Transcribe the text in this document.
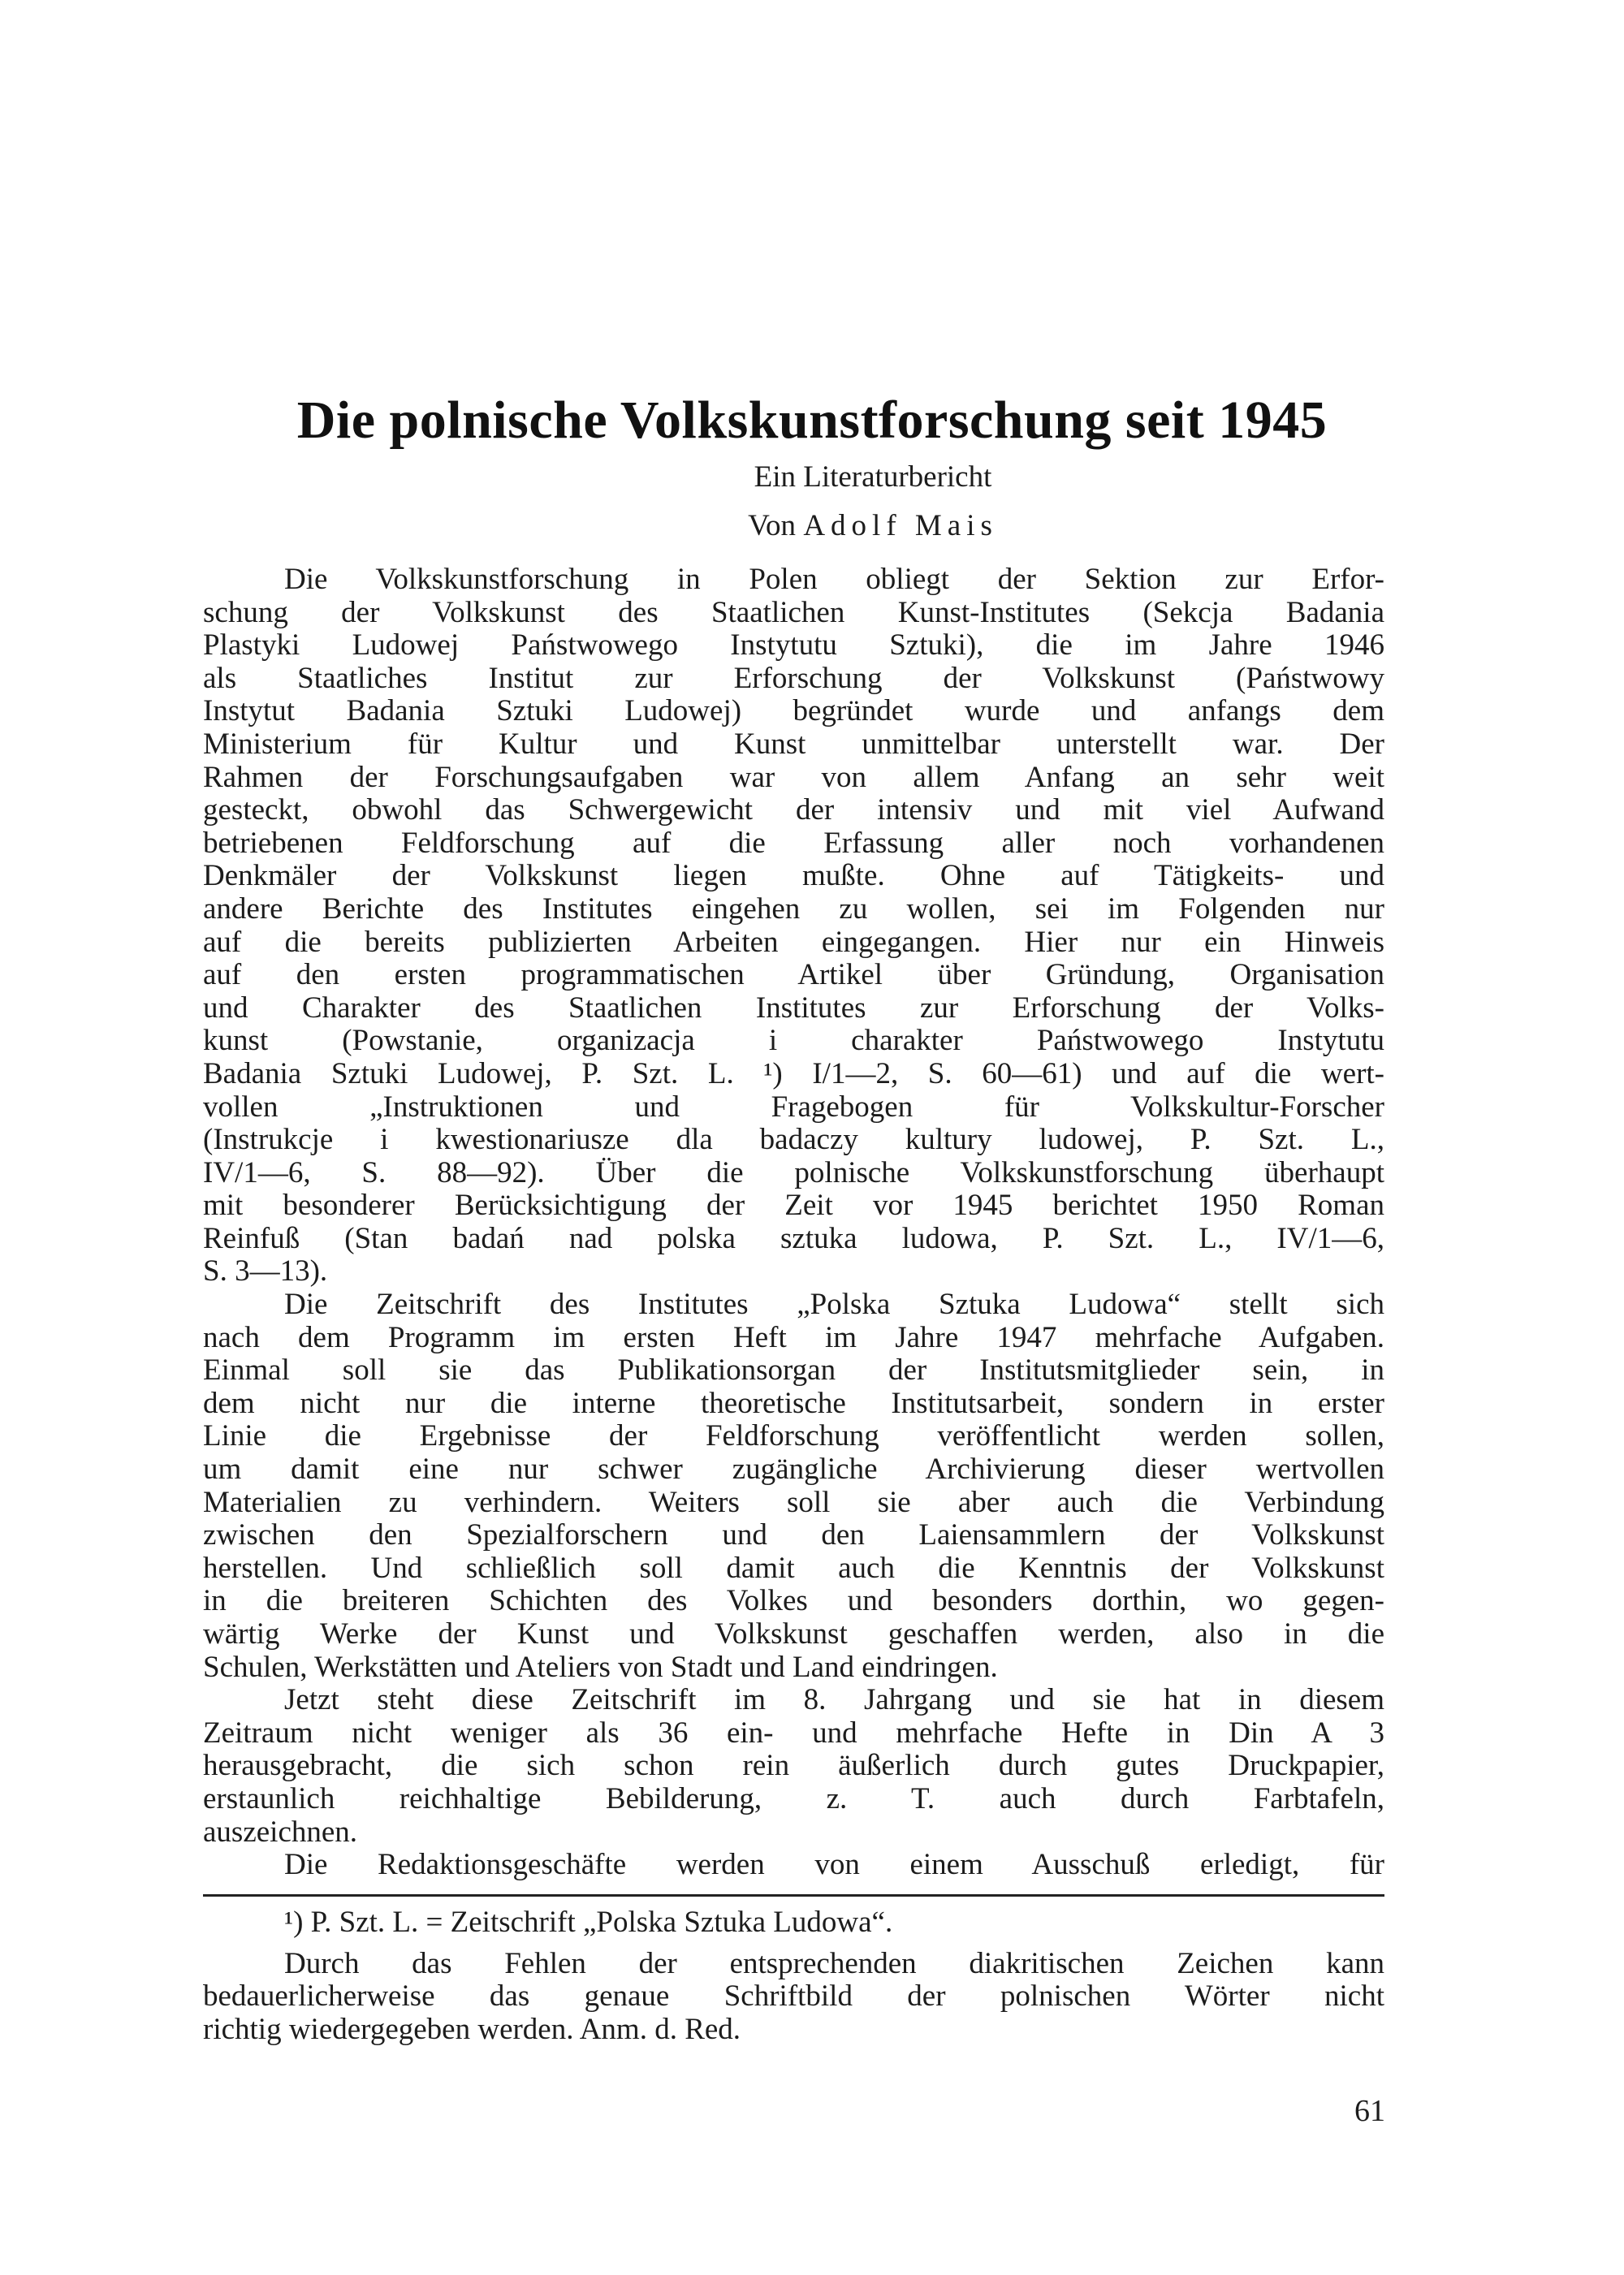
Die polnische Volkskunstforschung seit 1945
Ein Literaturbericht
Von Adolf Mais
Die Volkskunstforschung in Polen obliegt der Sektion zur Erfor-
schung der Volkskunst des Staatlichen Kunst-Institutes (Sekcja Badania
Plastyki Ludowej Państwowego Instytutu Sztuki), die im Jahre 1946
als Staatliches Institut zur Erforschung der Volkskunst (Państwowy
Instytut Badania Sztuki Ludowej) begründet wurde und anfangs dem
Ministerium für Kultur und Kunst unmittelbar unterstellt war. Der
Rahmen der Forschungsaufgaben war von allem Anfang an sehr weit
gesteckt, obwohl das Schwergewicht der intensiv und mit viel Aufwand
betriebenen Feldforschung auf die Erfassung aller noch vorhandenen
Denkmäler der Volkskunst liegen mußte. Ohne auf Tätigkeits- und
andere Berichte des Institutes eingehen zu wollen, sei im Folgenden nur
auf die bereits publizierten Arbeiten eingegangen. Hier nur ein Hinweis
auf den ersten programmatischen Artikel über Gründung, Organisation
und Charakter des Staatlichen Institutes zur Erforschung der Volks-
kunst (Powstanie, organizacja i charakter Państwowego Instytutu
Badania Sztuki Ludowej, P. Szt. L. ¹) I/1—2, S. 60—61) und auf die wert-
vollen „Instruktionen und Fragebogen für Volkskultur-Forscher
(Instrukcje i kwestionariusze dla badaczy kultury ludowej, P. Szt. L.,
IV/1—6, S. 88—92). Über die polnische Volkskunstforschung überhaupt
mit besonderer Berücksichtigung der Zeit vor 1945 berichtet 1950 Roman
Reinfuß (Stan badań nad polska sztuka ludowa, P. Szt. L., IV/1—6,
S. 3—13).
Die Zeitschrift des Institutes „Polska Sztuka Ludowa“ stellt sich
nach dem Programm im ersten Heft im Jahre 1947 mehrfache Aufgaben.
Einmal soll sie das Publikationsorgan der Institutsmitglieder sein, in
dem nicht nur die interne theoretische Institutsarbeit, sondern in erster
Linie die Ergebnisse der Feldforschung veröffentlicht werden sollen,
um damit eine nur schwer zugängliche Archivierung dieser wertvollen
Materialien zu verhindern. Weiters soll sie aber auch die Verbindung
zwischen den Spezialforschern und den Laiensammlern der Volkskunst
herstellen. Und schließlich soll damit auch die Kenntnis der Volkskunst
in die breiteren Schichten des Volkes und besonders dorthin, wo gegen-
wärtig Werke der Kunst und Volkskunst geschaffen werden, also in die
Schulen, Werkstätten und Ateliers von Stadt und Land eindringen.
Jetzt steht diese Zeitschrift im 8. Jahrgang und sie hat in diesem
Zeitraum nicht weniger als 36 ein- und mehrfache Hefte in Din A 3
herausgebracht, die sich schon rein äußerlich durch gutes Druckpapier,
erstaunlich reichhaltige Bebilderung, z. T. auch durch Farbtafeln,
auszeichnen.
Die Redaktionsgeschäfte werden von einem Ausschuß erledigt, für
¹) P. Szt. L. = Zeitschrift „Polska Sztuka Ludowa“.
Durch das Fehlen der entsprechenden diakritischen Zeichen kann
bedauerlicherweise das genaue Schriftbild der polnischen Wörter nicht
richtig wiedergegeben werden. Anm. d. Red.
61
